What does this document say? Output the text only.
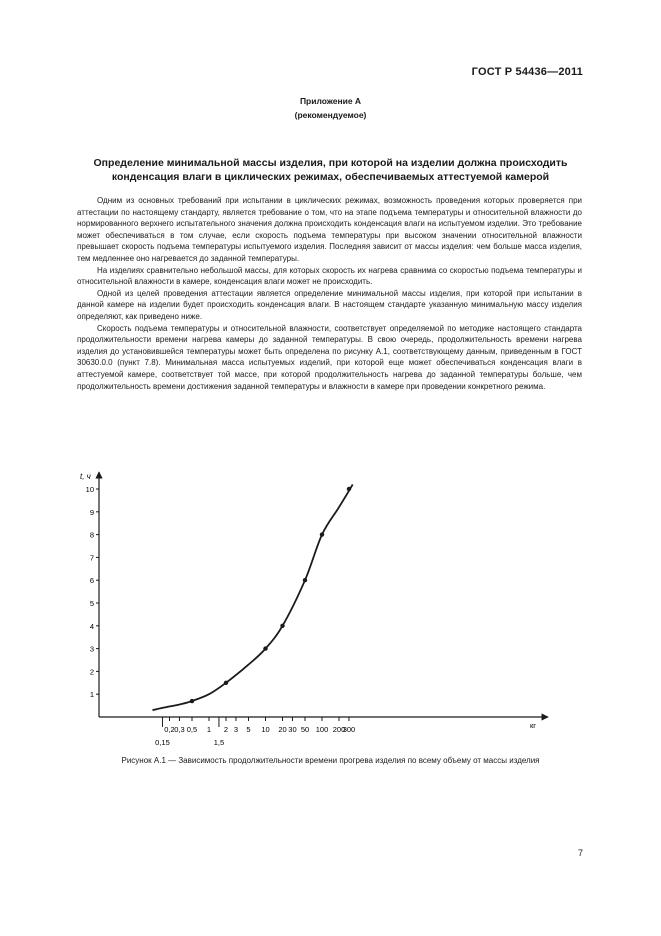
ГОСТ Р 54436—2011
Приложение А
(рекомендуемое)
Определение минимальной массы изделия, при которой на изделии должна происходить
конденсация влаги в циклических режимах, обеспечиваемых аттестуемой камерой

Одним из основных требований при испытании в циклических режимах, возможность проведения которых проверяется при аттестации по настоящему стандарту, является требование о том, что на этапе подъема температуры и относительной влажности до нормированного верхнего испытательного значения должна происходить конденсация влаги на испытуемом изделии. Это требование может обеспечиваться в том случае, если скорость подъема температуры при высоком значении относительной влажности превышает скорость подъема температуры испытуемого изделия. Последняя зависит от массы изделия: чем больше масса изделия, тем медленнее оно нагревается до заданной температуры.

На изделиях сравнительно небольшой массы, для которых скорость их нагрева сравнима со скоростью подъема температуры и относительной влажности в камере, конденсация влаги может не происходить.

Одной из целей проведения аттестации является определение минимальной массы изделия, при которой при испытании в данной камере на изделии будет происходить конденсация влаги. В настоящем стандарте указанную минимальную массу изделия определяют, как приведено ниже.

Скорость подъема температуры и относительной влажности, соответствует определяемой по методике настоящего стандарта продолжительности времени нагрева камеры до заданной температуры. В свою очередь, продолжительность времени нагрева изделия до установившейся температуры может быть определена по рисунку А.1, соответствующему данным, приведенным в ГОСТ 30630.0.0 (пункт 7.8). Минимальная масса испытуемых изделий, при которой еще может обеспечиваться конденсация влаги в аттестуемой камере, соответствует той массе, при которой продолжительность нагрева до заданной температуры больше, чем продолжительность времени достижения заданной температуры и влажности в камере при проведении конкретного режима.

t, ч
кг
1
2
3
4
5
6
7
8
9
10
0,2 0,3 0,5 1 2 3 5 10 20 30 50 100 200
300
0,15	1,5
Рисунок А.1 — Зависимость продолжительности времени прогрева изделия по всему объему от массы изделия
7
